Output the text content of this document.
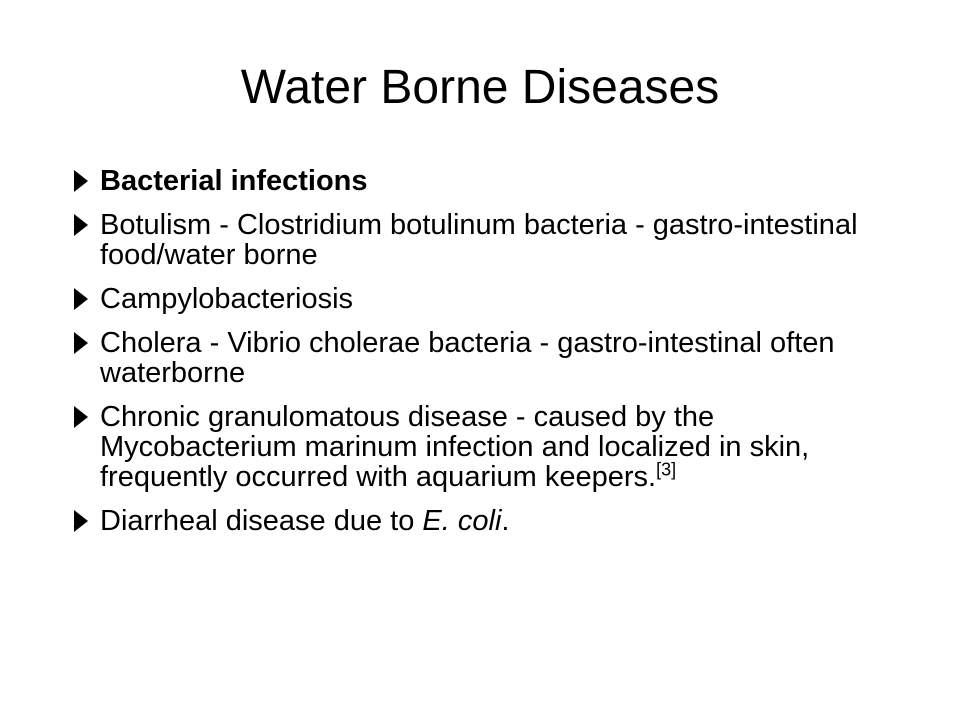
Water Borne Diseases
Bacterial infections
Botulism - Clostridium botulinum bacteria - gastro-intestinal food/water borne
Campylobacteriosis
Cholera - Vibrio cholerae bacteria - gastro-intestinal often waterborne
Chronic granulomatous disease - caused by the Mycobacterium marinum infection and localized in skin, frequently occurred with aquarium keepers.[3]
Diarrheal disease due to E. coli.
